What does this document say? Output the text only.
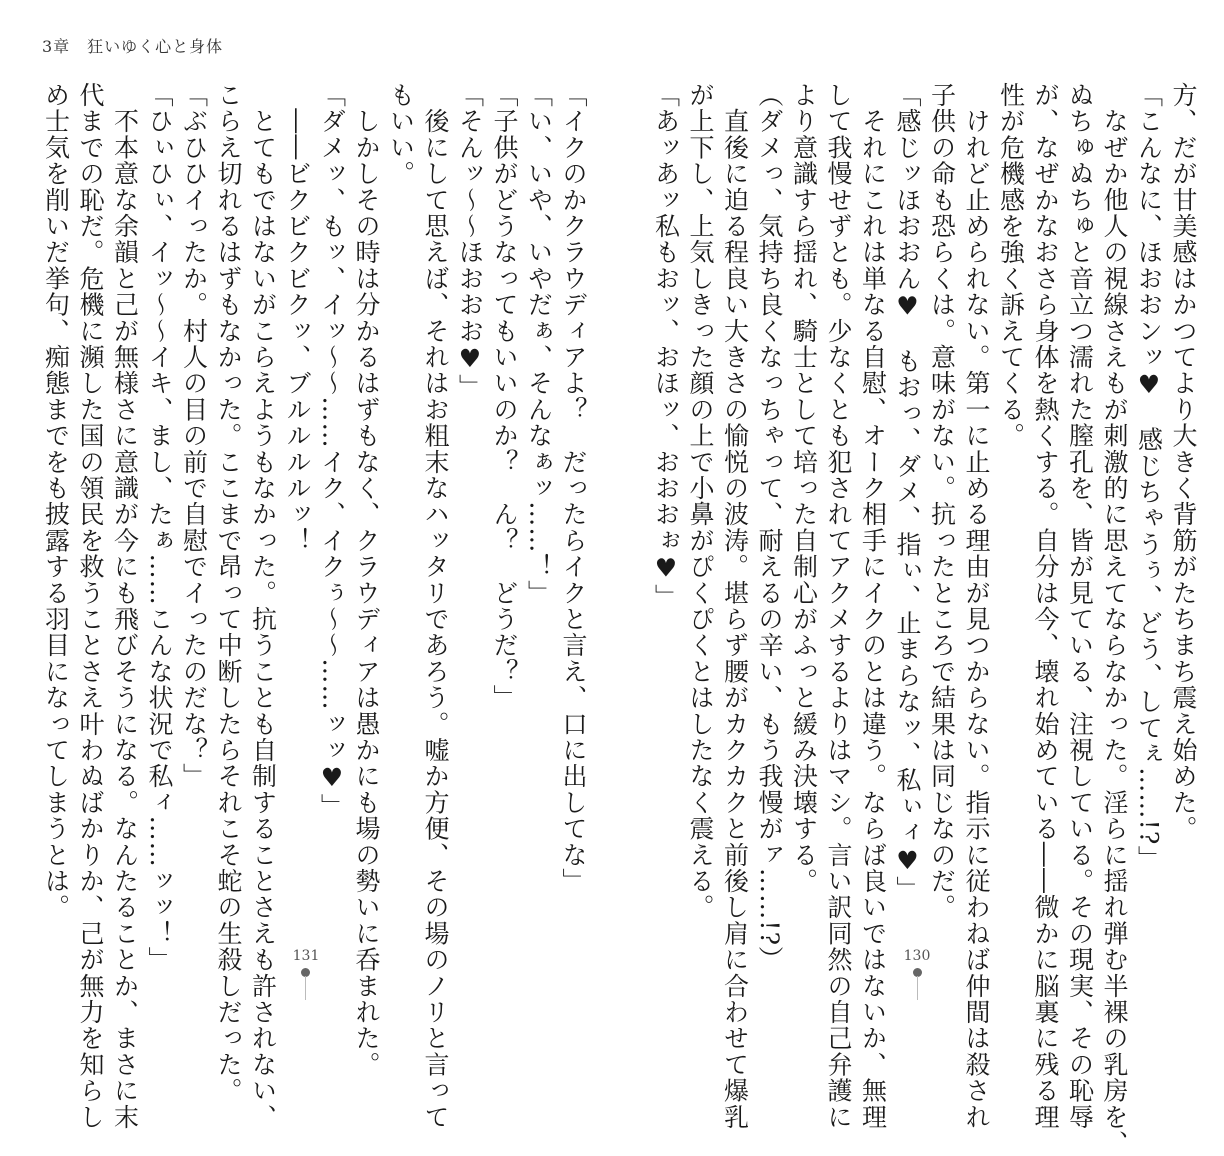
3章　狂いゆく心と身体
方、だが甘美感はかつてより大きく背筋がたちまち震え始めた。
「こんなに、ほおおンッ♥　感じちゃうぅ、どう、してぇ……!?」
　なぜか他人の視線さえもが刺激的に思えてならなかった。淫らに揺れ弾む半裸の乳房を、
ぬちゅぬちゅと音立つ濡れた膣孔を、皆が見ている、注視している。その現実、その恥辱
が、なぜかなおさら身体を熱くする。自分は今、壊れ始めている――微かに脳裏に残る理
性が危機感を強く訴えてくる。
　けれど止められない。第一に止める理由が見つからない。指示に従わねば仲間は殺され
子供の命も恐らくは。意味がない。抗ったところで結果は同じなのだ。
「感じッほおおん♥　もおっ、ダメ、指ぃ、止まらなッ、私ぃィ♥」
　それにこれは単なる自慰、オーク相手にイクのとは違う。ならば良いではないか、無理
して我慢せずとも。少なくとも犯されてアクメするよりはマシ。言い訳同然の自己弁護に
より意識すら揺れ、騎士として培った自制心がふっと緩み決壊する。
（ダメっ、気持ち良くなっちゃって、耐えるの辛い、もう我慢がァ……!?）
　直後に迫る程良い大きさの愉悦の波涛。堪らず腰がカクカクと前後し肩に合わせて爆乳
が上下し、上気しきった顔の上で小鼻がぴくぴくとはしたなく震える。
「あッあッ私もおッ、おほッ、おおおぉ♥」
「イクのかクラウディアよ？　だったらイクと言え、口に出してな」
「い、いや、いやだぁ、そんなぁッ……！」
「子供がどうなってもいいのか？　ん？　どうだ？」
「そんッ～～ほおおお♥」
　後にして思えば、それはお粗末なハッタリであろう。嘘か方便、その場のノリと言って
もいい。
　しかしその時は分かるはずもなく、クラウディアは愚かにも場の勢いに呑まれた。
「ダメッ、もッ、イッ～～……イク、イクぅ～～……ッッ♥」
　――ビクビクビクッ、ブルルルルッ！
　とてもではないがこらえようもなかった。抗うことも自制することさえも許されない、
こらえ切れるはずもなかった。ここまで昂って中断したらそれこそ蛇の生殺しだった。
「ぶひひイったか。村人の目の前で自慰でイったのだな？」
「ひぃひぃ、イッ～～イキ、まし、たぁ……こんな状況で私ィ……ッッ！」
　不本意な余韻と己が無様さに意識が今にも飛びそうになる。なんたることか、まさに末
代までの恥だ。危機に瀕した国の領民を救うことさえ叶わぬばかりか、己が無力を知らし
め士気を削いだ挙句、痴態までをも披露する羽目になってしまうとは。
131	130
